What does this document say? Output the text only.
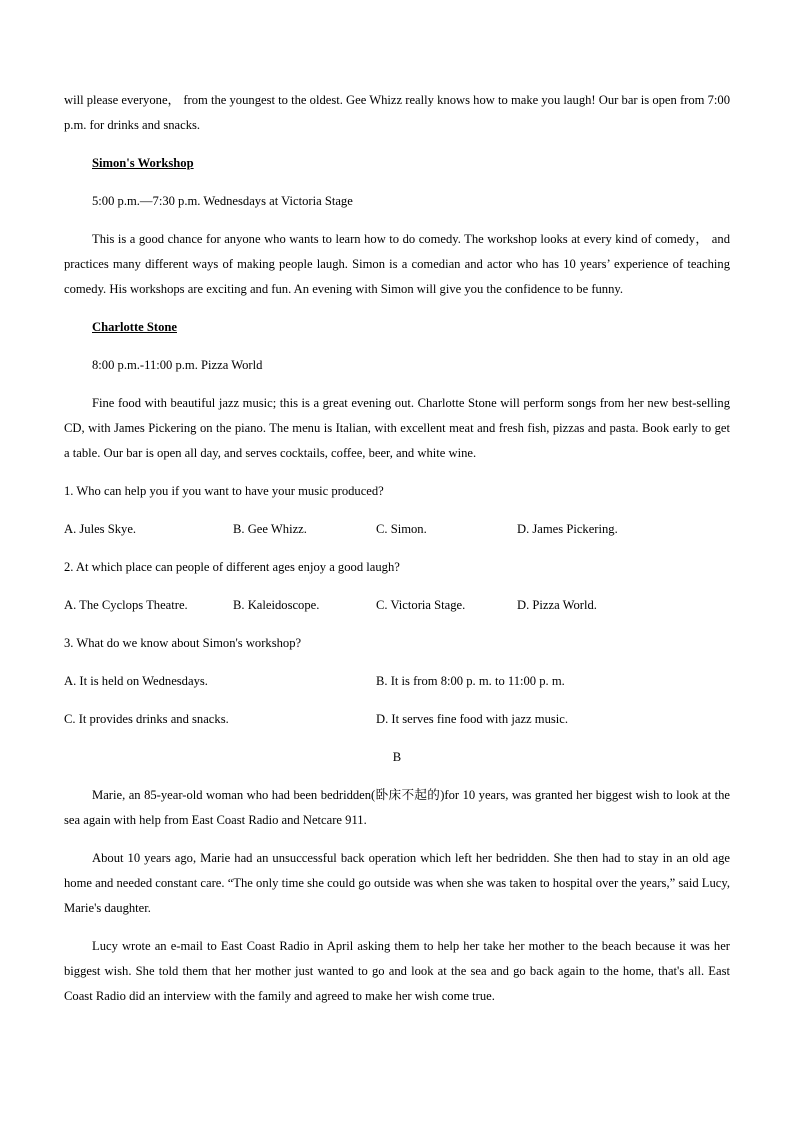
will please everyone， from the youngest to the oldest. Gee Whizz really knows how to make you laugh! Our bar is open from 7:00 p.m. for drinks and snacks.

Simon's Workshop

5:00 p.m.—7:30 p.m. Wednesdays at Victoria Stage

This is a good chance for anyone who wants to learn how to do comedy. The workshop looks at every kind of comedy， and practices many different ways of making people laugh. Simon is a comedian and actor who has 10 years’ experience of teaching comedy. His workshops are exciting and fun. An evening with Simon will give you the confidence to be funny.

Charlotte Stone

8:00 p.m.-11:00 p.m. Pizza World

Fine food with beautiful jazz music; this is a great evening out. Charlotte Stone will perform songs from her new best-selling CD, with James Pickering on the piano. The menu is Italian, with excellent meat and fresh fish, pizzas and pasta. Book early to get a table. Our bar is open all day, and serves cocktails, coffee, beer, and white wine.

1. Who can help you if you want to have your music produced?

A. Jules Skye.	B. Gee Whizz.	C. Simon.	D. James Pickering.

2. At which place can people of different ages enjoy a good laugh?

A. The Cyclops Theatre.	B. Kaleidoscope.	C. Victoria Stage.	D. Pizza World.

3. What do we know about Simon's workshop?

A. It is held on Wednesdays.	B. It is from 8:00 p. m. to 11:00 p. m.

C. It provides drinks and snacks.	D. It serves fine food with jazz music.

B

Marie, an 85-year-old woman who had been bedridden(卧床不起的)for 10 years, was granted her biggest wish to look at the sea again with help from East Coast Radio and Netcare 911.

About 10 years ago, Marie had an unsuccessful back operation which left her bedridden. She then had to stay in an old age home and needed constant care. “The only time she could go outside was when she was taken to hospital over the years,” said Lucy, Marie's daughter.

Lucy wrote an e-mail to East Coast Radio in April asking them to help her take her mother to the beach because it was her biggest wish. She told them that her mother just wanted to go and look at the sea and go back again to the home, that's all. East Coast Radio did an interview with the family and agreed to make her wish come true.
